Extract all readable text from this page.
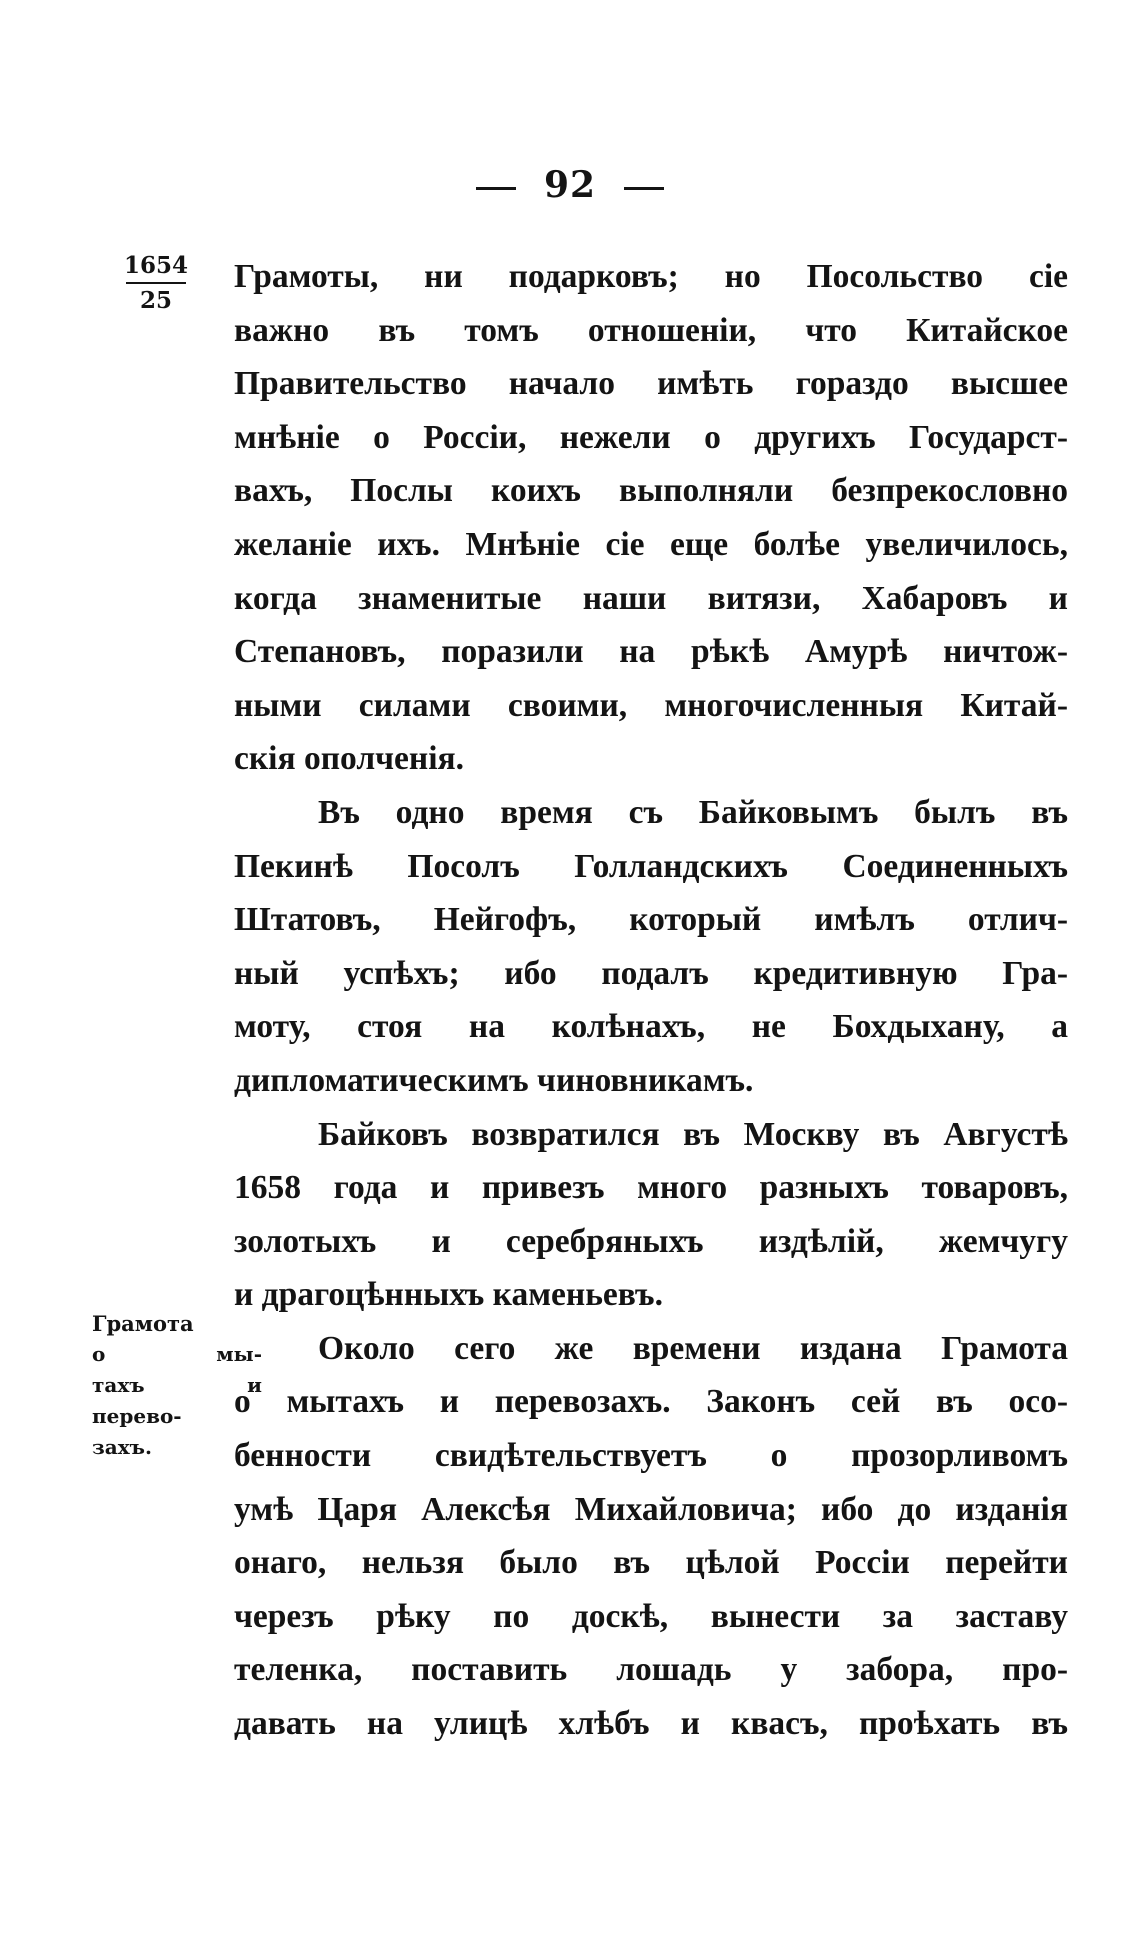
92
1654
25
Грамота
о мы-
тахъ и
перево-
захъ.
Грамоты, ни подарковъ; но Посольство сіе
важно въ томъ отношеніи, что Китайское
Правительство начало имѣть гораздо высшее
мнѣніе о Россіи, нежели о другихъ Государст-
вахъ, Послы коихъ выполняли безпрекословно
желаніе ихъ. Мнѣніе сіе еще болѣе увеличилось,
когда знаменитые наши витязи, Хабаровъ и
Степановъ, поразили на рѣкѣ Амурѣ ничтож-
ными силами своими, многочисленныя Китай-
скія ополченія.
Въ одно время съ Байковымъ былъ въ
Пекинѣ Посолъ Голландскихъ Соединенныхъ
Штатовъ, Нейгофъ, который имѣлъ отлич-
ный успѣхъ; ибо подалъ кредитивную Гра-
моту, стоя на колѣнахъ, не Бохдыхану, а
дипломатическимъ чиновникамъ.
Байковъ возвратился въ Москву въ Августѣ
1658 года и привезъ много разныхъ товаровъ,
золотыхъ и серебряныхъ издѣлій, жемчугу
и драгоцѣнныхъ каменьевъ.
Около сего же времени издана Грамота
о мытахъ и перевозахъ. Законъ сей въ осо-
бенности свидѣтельствуетъ о прозорливомъ
умѣ Царя Алексѣя Михайловича; ибо до изданія
онаго, нельзя было въ цѣлой Россіи перейти
черезъ рѣку по доскѣ, вынести за заставу
теленка, поставить лошадь у забора, про-
давать на улицѣ хлѣбъ и квасъ, проѣхать въ
